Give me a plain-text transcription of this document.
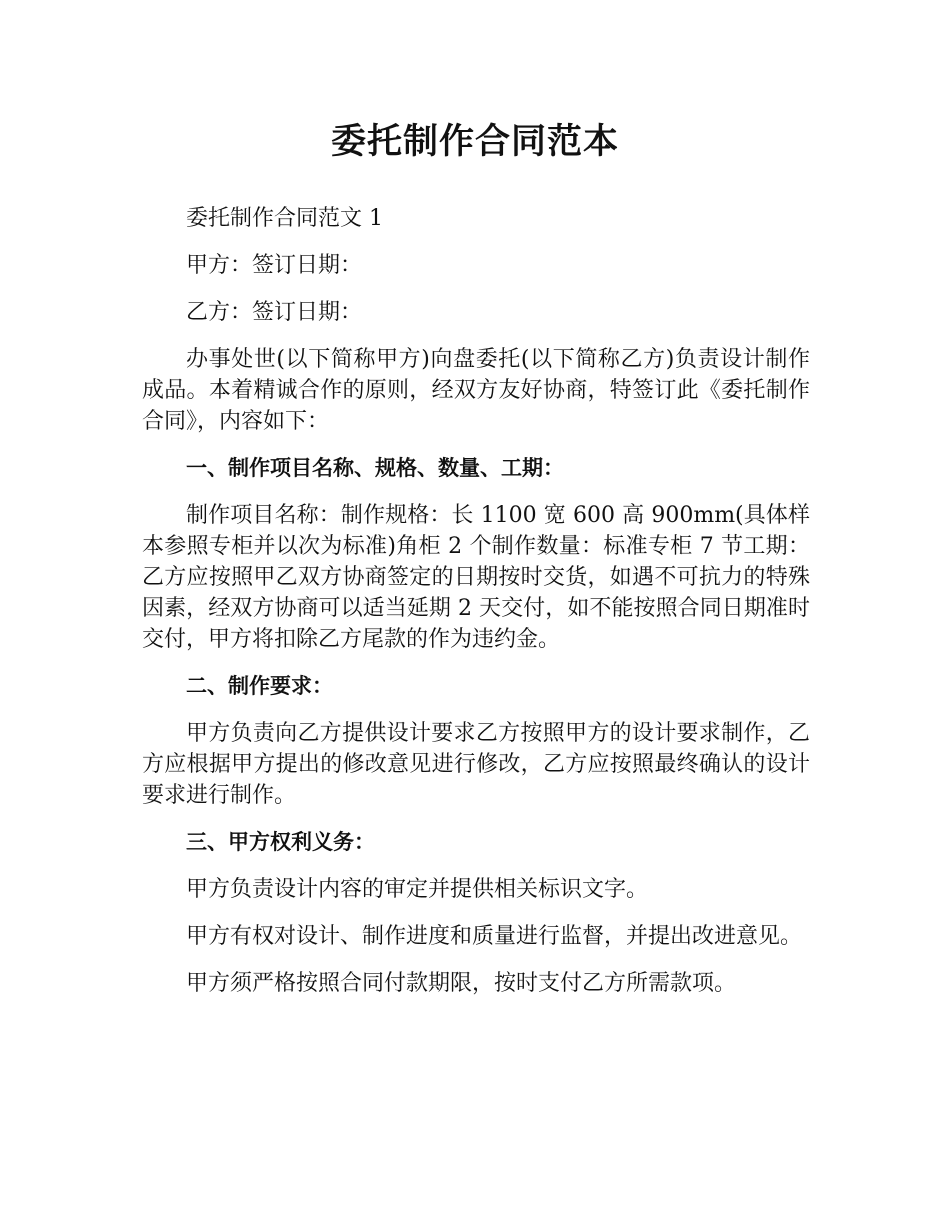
委托制作合同范本

委托制作合同范文 1

甲方：签订日期：

乙方：签订日期：

办事处世(以下简称甲方)向盘委托(以下简称乙方)负责设计制作成品。本着精诚合作的原则，经双方友好协商，特签订此《委托制作合同》，内容如下：

一、制作项目名称、规格、数量、工期：

制作项目名称：制作规格：长 1100 宽 600 高 900mm(具体样本参照专柜并以次为标准)角柜 2 个制作数量：标准专柜 7 节工期：乙方应按照甲乙双方协商签定的日期按时交货，如遇不可抗力的特殊因素，经双方协商可以适当延期 2 天交付，如不能按照合同日期准时交付，甲方将扣除乙方尾款的作为违约金。

二、制作要求：

甲方负责向乙方提供设计要求乙方按照甲方的设计要求制作，乙方应根据甲方提出的修改意见进行修改，乙方应按照最终确认的设计要求进行制作。

三、甲方权利义务：

甲方负责设计内容的审定并提供相关标识文字。

甲方有权对设计、制作进度和质量进行监督，并提出改进意见。

甲方须严格按照合同付款期限，按时支付乙方所需款项。
